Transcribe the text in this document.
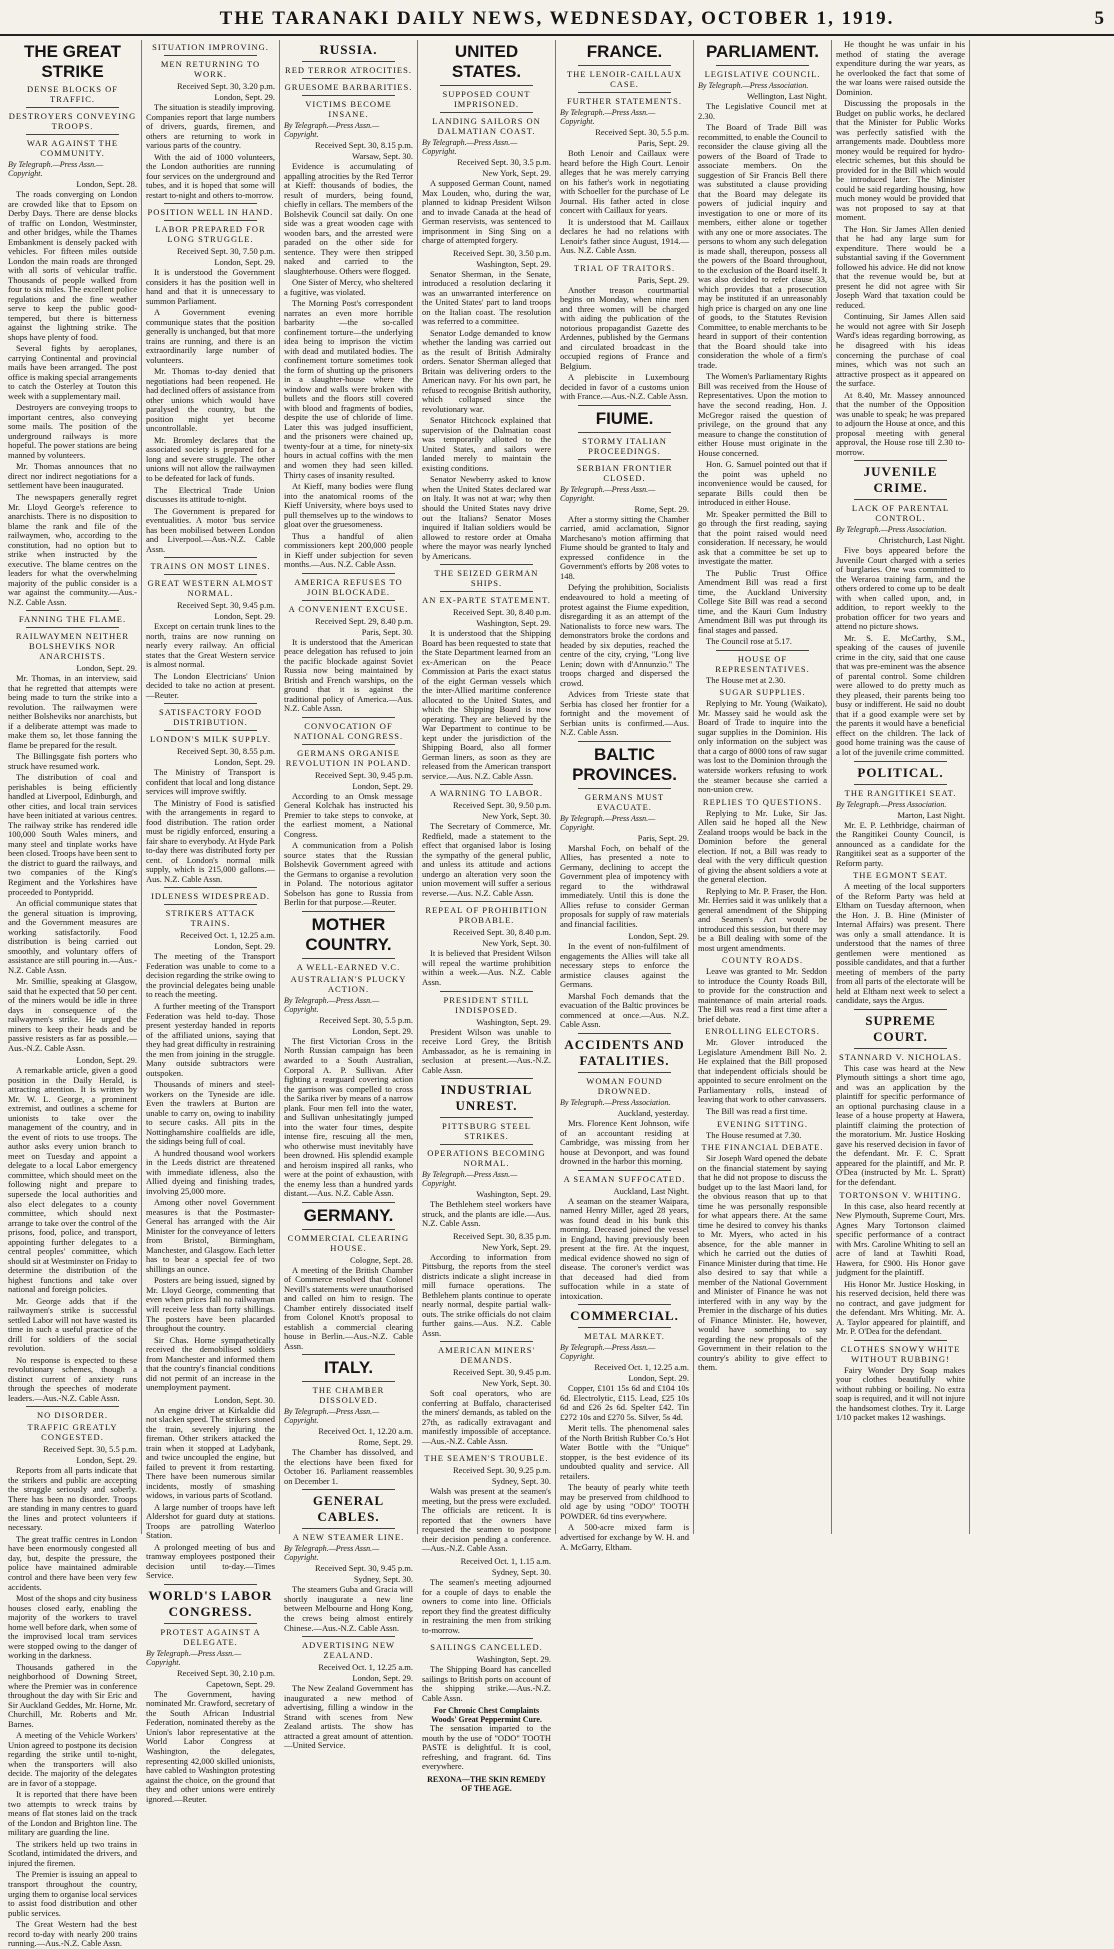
THE TARANAKI DAILY NEWS, WEDNESDAY, OCTOBER 1, 1919.	5
THE GREAT STRIKE
DENSE BLOCKS OF TRAFFIC.
DESTROYERS CONVEYING TROOPS.
WAR AGAINST THE COMMUNITY.
By Telegraph.—Press Assn.—Copyright.
London, Sept. 28.
The roads converging on London are crowded like that to Epsom on Derby Days. There are dense blocks of traffic on London, Westminster, and other bridges, while the Thames Embankment is densely packed with vehicles. For fifteen miles outside London the main roads are thronged with all sorts of vehicular traffic. Thousands of people walked from four to six miles. The excellent police regulations and the fine weather serve to keep the public good-tempered, but there is bitterness against the lightning strike. The shops have plenty of food.
Several fights by aeroplanes, carrying Continental and provincial mails have been arranged. The post office is making special arrangements to catch the Osterley at Touton this week with a supplementary mail.
Destroyers are conveying troops to important centres, also conveying some mails. The position of the underground railways is more hopeful. The power stations are being manned by volunteers.
Mr. Thomas announces that no direct nor indirect negotiations for a settlement have been inaugurated.
The newspapers generally regret Mr. Lloyd George's reference to anarchists. There is no disposition to blame the rank and file of the railwaymen, who, according to the constitution, had no option but to strike when instructed by the executive. The blame centres on the leaders for what the overwhelming majority of the public consider is a war against the community.—Aus.-N.Z. Cable Assn.
FANNING THE FLAME.
RAILWAYMEN NEITHER BOLSHEVIKS NOR ANARCHISTS.
London, Sept. 29.
Mr. Thomas, in an interview, said that he regretted that attempts were being made to turn the strike into a revolution. The railwaymen were neither Bolsheviks nor anarchists, but if a deliberate attempt was made to make them so, let those fanning the flame be prepared for the result.
The Billingsgate fish porters who struck have resumed work.
The distribution of coal and perishables is being efficiently handled at Liverpool, Edinburgh, and other cities, and local train services have been initiated at various centres. The railway strike has rendered idle 100,000 South Wales miners, and many steel and tinplate works have been closed. Troops have been sent to the district to guard the railways, and two companies of the King's Regiment and the Yorkshires have proceeded to Pontypridd.
An official communique states that the general situation is improving, and the Government measures are working satisfactorily. Food distribution is being carried out smoothly, and voluntary offers of assistance are still pouring in.—Aus.-N.Z. Cable Assn.
Mr. Smillie, speaking at Glasgow, said that he expected that 50 per cent. of the miners would be idle in three days in consequence of the railwaymen's strike. He urged the miners to keep their heads and be passive resisters as far as possible.—Aus.-N.Z. Cable Assn.
London, Sept. 29.
A remarkable article, given a good position in the Daily Herald, is attracting attention. It is written by Mr. W. L. George, a prominent extremist, and outlines a scheme for unionists to take over the management of the country, and in the event of riots to use troops. The author asks every union branch to meet on Tuesday and appoint a delegate to a local Labor emergency committee, which should meet on the following night and prepare to supersede the local authorities and also elect delegates to a county committee, which should next arrange to take over the control of the prisons, food, police, and transport, appointing further delegates to a central peoples' committee, which should sit at Westminster on Friday to determine the distribution of the highest functions and take over national and foreign policies.
Mr. George adds that if the railwaymen's strike is successful settled Labor will not have wasted its time in such a useful practice of the drill for soldiers of the social revolution.
No response is expected to these revolutionary schemes, though a distinct current of anxiety runs through the speeches of moderate leaders.—Aus.-N.Z. Cable Assn.
NO DISORDER.
TRAFFIC GREATLY CONGESTED.
Received Sept. 30, 5.5 p.m.
London, Sept. 29.
Reports from all parts indicate that the strikers and public are accepting the struggle seriously and soberly. There has been no disorder. Troops are standing in many centres to guard the lines and protect volunteers if necessary.
The great traffic centres in London have been enormously congested all day, but, despite the pressure, the police have maintained admirable control and there have been very few accidents.
Most of the shops and city business houses closed early, enabling the majority of the workers to travel home well before dark, when some of the improvised local tram services were stopped owing to the danger of working in the darkness.
Thousands gathered in the neighborhood of Downing Street, where the Premier was in conference throughout the day with Sir Eric and Sir Auckland Geddes, Mr. Horne, Mr. Churchill, Mr. Roberts and Mr. Barnes.
A meeting of the Vehicle Workers' Union agreed to postpone its decision regarding the strike until to-night, when the transporters will also decide. The majority of the delegates are in favor of a stoppage.
It is reported that there have been two attempts to wreck trains by means of flat stones laid on the track of the London and Brighton line. The military are guarding the line.
The strikers held up two trains in Scotland, intimidated the drivers, and injured the firemen.
The Premier is issuing an appeal to transport throughout the country, urging them to organise local services to assist food distribution and other public services.
The Great Western had the best record to-day with nearly 200 trains running.—Aus.-N.Z. Cable Assn.
SITUATION IMPROVING.
MEN RETURNING TO WORK.
Received Sept. 30, 3.20 p.m.
London, Sept. 29.
The situation is steadily improving. Companies report that large numbers of drivers, guards, firemen, and others are returning to work in various parts of the country.
With the aid of 1000 volunteers, the London authorities are running four services on the underground and tubes, and it is hoped that some will restart to-night and others to-morrow.
POSITION WELL IN HAND.
LABOR PREPARED FOR LONG STRUGGLE.
Received Sept. 30, 7.50 p.m.
London, Sept. 29.
It is understood the Government considers it has the position well in hand and that it is unnecessary to summon Parliament.
A Government evening communique states that the position generally is unchanged, but that more trains are running, and there is an extraordinarily large number of volunteers.
Mr. Thomas to-day denied that negotiations had been reopened. He had declined offers of assistance from other unions which would have paralysed the country, but the position might yet become uncontrollable.
Mr. Bromley declares that the associated society is prepared for a long and severe struggle. The other unions will not allow the railwaymen to be defeated for lack of funds.
The Electrical Trade Union discusses its attitude to-night.
The Government is prepared for eventualities. A motor 'bus service has been mobilised between London and Liverpool.—Aus.-N.Z. Cable Assn.
TRAINS ON MOST LINES.
GREAT WESTERN ALMOST NORMAL.
Received Sept. 30, 9.45 p.m.
London, Sept. 29.
Except on certain trunk lines to the north, trains are now running on nearly every railway. An official states that the Great Western service is almost normal.
The London Electricians' Union decided to take no action at present.—Reuter.
SATISFACTORY FOOD DISTRIBUTION.
LONDON'S MILK SUPPLY.
Received Sept. 30, 8.55 p.m.
London, Sept. 29.
The Ministry of Transport is confident that local and long distance services will improve swiftly.
The Ministry of Food is satisfied with the arrangements in regard to food distribution. The ration order must be rigidly enforced, ensuring a fair share to everybody. At Hyde Park to-day there was distributed forty per cent. of London's normal milk supply, which is 215,000 gallons.—Aus. N.Z. Cable Assn.
IDLENESS WIDESPREAD.
STRIKERS ATTACK TRAINS.
Received Oct. 1, 12.25 a.m.
London, Sept. 29.
The meeting of the Transport Federation was unable to come to a decision regarding the strike owing to the provincial delegates being unable to reach the meeting.
A further meeting of the Transport Federation was held to-day. Those present yesterday handed in reports of the affiliated unions, saying that they had great difficulty in restraining the men from joining in the struggle. Many outside subtractors were outspoken.
Thousands of miners and steel-workers on the Tyneside are idle. Even the trawlers at Burton are unable to carry on, owing to inability to secure casks. All pits in the Nottinghamshire coalfields are idle, the sidings being full of coal.
A hundred thousand wool workers in the Leeds district are threatened with immediate idleness, also the Allied dyeing and finishing trades, involving 25,000 more.
Among other novel Government measures is that the Postmaster-General has arranged with the Air Minister for the conveyance of letters from Bristol, Birmingham, Manchester, and Glasgow. Each letter has to bear a special fee of two shillings an ounce.
Posters are being issued, signed by Mr. Lloyd George, commenting that even when prices fall no railwayman will receive less than forty shillings. The posters have been placarded throughout the country.
Sir Chas. Horne sympathetically received the demobilised soldiers from Manchester and informed them that the country's financial conditions did not permit of an increase in the unemployment payment.
London, Sept. 30.
An engine driver at Kirkaldie did not slacken speed. The strikers stoned the train, severely injuring the fireman. Other strikers attacked the train when it stopped at Ladybank, and twice uncoupled the engine, but failed to prevent it from restarting. There have been numerous similar incidents, mostly of smashing widows, in various parts of Scotland.
A large number of troops have left Aldershot for guard duty at stations. Troops are patrolling Waterloo Station.
A prolonged meeting of bus and tramway employees postponed their decision until to-day.—Times Service.
WORLD'S LABOR CONGRESS.
PROTEST AGAINST A DELEGATE.
By Telegraph.—Press Assn.—Copyright.
Received Sept. 30, 2.10 p.m.
Capetown, Sept. 29.
The Government, having nominated Mr. Crawford, secretary of the South African Industrial Federation, nominated thereby as the Union's labor representative at the World Labor Congress at Washington, the delegates, representing 42,000 skilled unionists, have cabled to Washington protesting against the choice, on the ground that they and other unions were entirely ignored.—Reuter.
RUSSIA.
RED TERROR ATROCITIES.
GRUESOME BARBARITIES.
VICTIMS BECOME INSANE.
By Telegraph.—Press Assn.—Copyright.
Received Sept. 30, 8.15 p.m.
Warsaw, Sept. 30.
Evidence is accumulating of appalling atrocities by the Red Terror at Kieff: thousands of bodies, the result of murders, being found, chiefly in cellars. The members of the Bolshevik Council sat daily. On one side was a great wooden cage with wooden bars, and the arrested were paraded on the other side for sentence. They were then stripped naked and carried to the slaughterhouse. Others were flogged.
One Sister of Mercy, who sheltered a fugitive, was violated.
The Morning Post's correspondent narrates an even more horrible barbarity —the so-called confinement torture—the underlying idea being to imprison the victim with dead and mutilated bodies. The confinement torture sometimes took the form of shutting up the prisoners in a slaughter-house where the window and walls were broken with bullets and the floors still covered with blood and fragments of bodies, despite the use of chloride of lime. Later this was judged insufficient, and the prisoners were chained up, twenty-four at a time, for ninety-six hours in actual coffins with the men and women they had seen killed. Thirty cases of insanity resulted.
At Kieff, many bodies were flung into the anatomical rooms of the Kieff University, where boys used to pull themselves up to the windows to gloat over the gruesomeness.
Thus a handful of alien commissioners kept 200,000 people in Kieff under subjection for seven months.—Aus. N.Z. Cable Assn.
AMERICA REFUSES TO JOIN BLOCKADE.
A CONVENIENT EXCUSE.
Received Sept. 29, 8.40 p.m.
Paris, Sept. 30.
It is understood that the American peace delegation has refused to join the pacific blockade against Soviet Russia now being maintained by British and French warships, on the ground that it is against the traditional policy of America.—Aus. N.Z. Cable Assn.
CONVOCATION OF NATIONAL CONGRESS.
GERMANS ORGANISE REVOLUTION IN POLAND.
Received Sept. 30, 9.45 p.m.
London, Sept. 29.
According to an Omsk message General Kolchak has instructed his Premier to take steps to convoke, at the earliest moment, a National Congress.
A communication from a Polish source states that the Russian Bolshevik Government agreed with the Germans to organise a revolution in Poland. The notorious agitator Sobelson has gone to Russia from Berlin for that purpose.—Reuter.
MOTHER COUNTRY.
A WELL-EARNED V.C.
AUSTRALIAN'S PLUCKY ACTION.
By Telegraph.—Press Assn.—Copyright.
Received Sept. 30, 5.5 p.m.
London, Sept. 29.
The first Victorian Cross in the North Russian campaign has been awarded to a South Australian, Corporal A. P. Sullivan. After fighting a rearguard covering action the garrison was compelled to cross the Sarika river by means of a narrow plank. Four men fell into the water, and Sullivan unhesitatingly jumped into the water four times, despite intense fire, rescuing all the men, who otherwise must inevitably have been drowned. His splendid example and heroism inspired all ranks, who were at the point of exhaustion, with the enemy less than a hundred yards distant.—Aus. N.Z. Cable Assn.
GERMANY.
COMMERCIAL CLEARING HOUSE.
Cologne, Sept. 28.
A meeting of the British Chamber of Commerce resolved that Colonel Nevill's statements were unauthorised and called on him to resign. The Chamber entirely dissociated itself from Colonel Knott's proposal to establish a commercial clearing house in Berlin.—Aus.-N.Z. Cable Assn.
ITALY.
THE CHAMBER DISSOLVED.
By Telegraph.—Press Assn.—Copyright.
Received Oct. 1, 12.20 a.m.
Rome, Sept. 29.
The Chamber has dissolved, and the elections have been fixed for October 16. Parliament reassembles on December 1.
GENERAL CABLES.
A NEW STEAMER LINE.
By Telegraph.—Press Assn.—Copyright.
Received Sept. 30, 9.45 p.m.
Sydney, Sept. 30.
The steamers Guba and Gracia will shortly inaugurate a new line between Melbourne and Hong Kong, the crews being almost entirely Chinese.—Aus.-N.Z. Cable Assn.
ADVERTISING NEW ZEALAND.
Received Oct. 1, 12.25 a.m.
London, Sept. 29.
The New Zealand Government has inaugurated a new method of advertising, filling a window in the Strand with scenes from New Zealand artists. The show has attracted a great amount of attention.—United Service.
UNITED STATES.
SUPPOSED COUNT IMPRISONED.
LANDING SAILORS ON DALMATIAN COAST.
By Telegraph.—Press Assn.—Copyright.
Received Sept. 30, 3.5 p.m.
New York, Sept. 29.
A supposed German Count, named Max Louden, who, during the war, planned to kidnap President Wilson and to invade Canada at the head of German reservists, was sentenced to imprisonment in Sing Sing on a charge of attempted forgery.
Received Sept. 30, 3.50 p.m.
Washington, Sept. 29.
Senator Sherman, in the Senate, introduced a resolution declaring it was an unwarranted interference on the United States' part to land troops on the Italian coast. The resolution was referred to a committee.
Senator Lodge demanded to know whether the landing was carried out as the result of British Admiralty orders. Senator Sherman alleged that Britain was delivering orders to the American navy. For his own part, he refused to recognise British authority, which collapsed since the revolutionary war.
Senator Hitchcock explained that supervision of the Dalmatian coast was temporarily allotted to the United States, and sailors were landed merely to maintain the existing conditions.
Senator Newberry asked to know when the United States declared war on Italy. It was not at war; why then should the United States navy drive out the Italians? Senator Moses inquired if Italian soldiers would be allowed to restore order at Omaha where the mayor was nearly lynched by Americans.
THE SEIZED GERMAN SHIPS.
AN EX-PARTE STATEMENT.
Received Sept. 30, 8.40 p.m.
Washington, Sept. 29.
It is understood that the Shipping Board has been requested to state that the State Department learned from an ex-American on the Peace Commission at Paris the exact status of the eight German vessels which the inter-Allied maritime conference allocated to the United States, and which the Shipping Board is now operating. They are believed by the War Department to continue to be kept under the jurisdiction of the Shipping Board, also all former German liners, as soon as they are released from the American transport service.—Aus. N.Z. Cable Assn.
A WARNING TO LABOR.
Received Sept. 30, 9.50 p.m.
New York, Sept. 30.
The Secretary of Commerce, Mr. Redfield, made a statement to the effect that organised labor is losing the sympathy of the general public, and unless its attitude and actions undergo an alteration very soon the union movement will suffer a serious reverse.—Aus. N.Z. Cable Assn.
REPEAL OF PROHIBITION PROBABLE.
Received Sept. 30, 8.40 p.m.
New York, Sept. 30.
It is believed that President Wilson will repeal the wartime prohibition within a week.—Aus. N.Z. Cable Assn.
PRESIDENT STILL INDISPOSED.
Washington, Sept. 29.
President Wilson was unable to receive Lord Grey, the British Ambassador, as he is remaining in seclusion at present.—Aus.-N.Z. Cable Assn.
INDUSTRIAL UNREST.
PITTSBURG STEEL STRIKES.
OPERATIONS BECOMING NORMAL.
By Telegraph.—Press Assn.—Copyright.
Washington, Sept. 29.
The Bethlehem steel workers have struck, and the plants are idle.—Aus. N.Z. Cable Assn.
Received Sept. 30, 8.35 p.m.
New York, Sept. 29.
According to information from Pittsburg, the reports from the steel districts indicate a slight increase in mill furnace operations. The Bethlehem plants continue to operate nearly normal, despite partial walk-outs. The strike officials do not claim further gains.—Aus. N.Z. Cable Assn.
AMERICAN MINERS' DEMANDS.
Received Sept. 30, 9.45 p.m.
New York, Sept. 30.
Soft coal operators, who are conferring at Buffalo, characterised the miners' demands, as tabled on the 27th, as radically extravagant and manifestly impossible of acceptance.—Aus.-N.Z. Cable Assn.
THE SEAMEN'S TROUBLE.
Received Sept. 30, 9.25 p.m.
Sydney, Sept. 30.
Walsh was present at the seamen's meeting, but the press were excluded. The officials are reticent. It is reported that the owners have requested the seamen to postpone their decision pending a conference.—Aus.-N.Z. Cable Assn.
Received Oct. 1, 1.15 a.m.
Sydney, Sept. 30.
The seamen's meeting adjourned for a couple of days to enable the owners to come into line. Officials report they find the greatest difficulty in restraining the men from striking to-morrow.
SAILINGS CANCELLED.
Washington, Sept. 29.
The Shipping Board has cancelled sailings to British ports on account of the shipping strike.—Aus.-N.Z. Cable Assn.
For Chronic Chest Complaints Woods' Great Peppermint Cure.
The sensation imparted to the mouth by the use of "ODO" TOOTH PASTE is delightful. It is cool, refreshing, and fragrant. 6d. Tins everywhere.
REXONA—THE SKIN REMEDY OF THE AGE.
FRANCE.
THE LENOIR-CAILLAUX CASE.
FURTHER STATEMENTS.
By Telegraph.—Press Assn.—Copyright.
Received Sept. 30, 5.5 p.m.
Paris, Sept. 29.
Both Lenoir and Caillaux were heard before the High Court. Lenoir alleges that he was merely carrying on his father's work in negotiating with Schoeller for the purchase of Le Journal. His father acted in close concert with Caillaux for years.
It is understood that M. Caillaux declares he had no relations with Lenoir's father since August, 1914.—Aus. N.Z. Cable Assn.
TRIAL OF TRAITORS.
Paris, Sept. 29.
Another treason courtmartial begins on Monday, when nine men and three women will be charged with aiding the publication of the notorious propagandist Gazette des Ardennes, published by the Germans and circulated broadcast in the occupied regions of France and Belgium.
A plebiscite in Luxembourg decided in favor of a customs union with France.—Aus.-N.Z. Cable Assn.
FIUME.
STORMY ITALIAN PROCEEDINGS.
SERBIAN FRONTIER CLOSED.
By Telegraph.—Press Assn.—Copyright.
Rome, Sept. 29.
After a stormy sitting the Chamber carried, amid acclamation, Signor Marchesano's motion affirming that Fiume should be granted to Italy and expressed confidence in the Government's efforts by 208 votes to 148.
Defying the prohibition, Socialists endeavoured to hold a meeting of protest against the Fiume expedition, disregarding it as an attempt of the Nationalists to force new wars. The demonstrators broke the cordons and headed by six deputies, reached the centre of the city, crying, "Long live Lenin; down with d'Annunzio." The troops charged and dispersed the crowd.
Advices from Trieste state that Serbia has closed her frontier for a fortnight and the movement of Serbian units is confirmed.—Aus. N.Z. Cable Assn.
BALTIC PROVINCES.
GERMANS MUST EVACUATE.
By Telegraph.—Press Assn.—Copyright.
Paris, Sept. 29.
Marshal Foch, on behalf of the Allies, has presented a note to Germany, declining to accept the Government plea of impotency with regard to the withdrawal immediately. Until this is done the Allies refuse to consider German proposals for supply of raw materials and financial facilities.
London, Sept. 29.
In the event of non-fulfilment of engagements the Allies will take all necessary steps to enforce the armistice clauses against the Germans.
Marshal Foch demands that the evacuation of the Baltic provinces be commenced at once.—Aus. N.Z. Cable Assn.
ACCIDENTS AND FATALITIES.
WOMAN FOUND DROWNED.
By Telegraph.—Press Association.
Auckland, yesterday.
Mrs. Florence Kent Johnson, wife of an accountant residing at Cambridge, was missing from her house at Devonport, and was found drowned in the harbor this morning.
A SEAMAN SUFFOCATED.
Auckland, Last Night.
A seaman on the steamer Waipara, named Henry Miller, aged 28 years, was found dead in his bunk this morning. Deceased joined the vessel in England, having previously been present at the fire. At the inquest, medical evidence showed no sign of disease. The coroner's verdict was that deceased had died from suffocation while in a state of intoxication.
COMMERCIAL.
METAL MARKET.
By Telegraph.—Press Assn.—Copyright.
Received Oct. 1, 12.25 a.m.
London, Sept. 29.
Copper, £101 15s 6d and £104 10s 6d. Electrolytic, £115. Lead, £25 10s 6d and £26 2s 6d. Spelter £42. Tin £272 10s and £270 5s. Silver, 5s 4d.
Merit tells. The phenomenal sales of the North British Rubber Co.'s Hot Water Bottle with the "Unique" stopper, is the best evidence of its undoubted quality and service. All retailers.
The beauty of pearly white teeth may be preserved from childhood to old age by using "ODO" TOOTH POWDER. 6d tins everywhere.
A 500-acre mixed farm is advertised for exchange by W. H. and A. McGarry, Eltham.
PARLIAMENT.
LEGISLATIVE COUNCIL.
By Telegraph.—Press Association.
Wellington, Last Night.
The Legislative Council met at 2.30.
The Board of Trade Bill was recommitted, to enable the Council to reconsider the clause giving all the powers of the Board of Trade to associate members. On the suggestion of Sir Francis Bell there was substituted a clause providing that the Board may delegate its powers of judicial inquiry and investigation to one or more of its members, either alone or together with any one or more associates. The persons to whom any such delegation is made shall, thereupon, possess all the powers of the Board throughout, to the exclusion of the Board itself. It was also decided to refer clause 33, which provides that a prosecution may be instituted if an unreasonably high price is charged on any one line of goods, to the Statutes Revision Committee, to enable merchants to be heard in support of their contention that the Board should take into consideration the whole of a firm's trade.
The Women's Parliamentary Rights Bill was received from the House of Representatives. Upon the motion to have the second reading, Hon. J. McGregor raised the question of privilege, on the ground that any measure to change the constitution of either House must originate in the House concerned.
Hon. G. Samuel pointed out that if the point was upheld no inconvenience would be caused, for separate Bills could then be introduced in either House.
Mr. Speaker permitted the Bill to go through the first reading, saying that the point raised would need consideration. If necessary, he would ask that a committee be set up to investigate the matter.
The Public Trust Office Amendment Bill was read a first time, the Auckland University College Site Bill was read a second time, and the Kauri Gum Industry Amendment Bill was put through its final stages and passed.
The Council rose at 5.17.
HOUSE OF REPRESENTATIVES.
The House met at 2.30.
SUGAR SUPPLIES.
Replying to Mr. Young (Waikato), Mr. Massey said he would ask the Board of Trade to inquire into the sugar supplies in the Dominion. His only information on the subject was that a cargo of 8000 tons of raw sugar was lost to the Dominion through the waterside workers refusing to work the steamer because she carried a non-union crew.
REPLIES TO QUESTIONS.
Replying to Mr. Luke, Sir Jas. Allen said he hoped all the New Zealand troops would be back in the Dominion before the general election. If not, a Bill was ready to deal with the very difficult question of giving the absent soldiers a vote at the general election.
Replying to Mr. P. Fraser, the Hon. Mr. Herries said it was unlikely that a general amendment of the Shipping and Seamen's Act would be introduced this session, but there may be a Bill dealing with some of the most urgent amendments.
COUNTY ROADS.
Leave was granted to Mr. Seddon to introduce the County Roads Bill, to provide for the construction and maintenance of main arterial roads. The Bill was read a first time after a brief debate.
ENROLLING ELECTORS.
Mr. Glover introduced the Legislature Amendment Bill No. 2. He explained that the Bill proposed that independent officials should be appointed to secure enrolment on the Parliamentary rolls, instead of leaving that work to other canvassers.
The Bill was read a first time.
EVENING SITTING.
The House resumed at 7.30.
THE FINANCIAL DEBATE.
Sir Joseph Ward opened the debate on the financial statement by saying that he did not propose to discuss the budget up to the last Maori land, for the obvious reason that up to that time he was personally responsible for what appears there. At the same time he desired to convey his thanks to Mr. Myers, who acted in his absence, for the able manner in which he carried out the duties of Finance Minister during that time. He also desired to say that while a member of the National Government and Minister of Finance he was not interfered with in any way by the Premier in the discharge of his duties of Finance Minister. He, however, would have something to say regarding the new proposals of the Government in their relation to the country's ability to give effect to them.
He thought he was unfair in his method of stating the average expenditure during the war years, as he overlooked the fact that some of the war loans were raised outside the Dominion.
Discussing the proposals in the Budget on public works, he declared that the Minister for Public Works was perfectly satisfied with the arrangements made. Doubtless more money would be required for hydro-electric schemes, but this should be provided for in the Bill which would be introduced later. The Minister could be said regarding housing, how much money would be provided that was not proposed to say at that moment.
The Hon. Sir James Allen denied that he had any large sum for expenditure. There would be a substantial saving if the Government followed his advice. He did not know that the revenue would be, but at present he did not agree with Sir Joseph Ward that taxation could be reduced.
Continuing, Sir James Allen said he would not agree with Sir Joseph Ward's ideas regarding borrowing, as he disagreed with his ideas concerning the purchase of coal mines, which was not such an attractive prospect as it appeared on the surface.
At 8.40, Mr. Massey announced that the number of the Opposition was unable to speak; he was prepared to adjourn the House at once, and this proposal meeting with general approval, the House rose till 2.30 to-morrow.
JUVENILE CRIME.
LACK OF PARENTAL CONTROL.
By Telegraph.—Press Association.
Christchurch, Last Night.
Five boys appeared before the Juvenile Court charged with a series of burglaries. One was committed to the Weraroa training farm, and the others ordered to come up to be dealt with when called upon, and, in addition, to report weekly to the probation officer for two years and attend no picture shows.
Mr. S. E. McCarthy, S.M., speaking of the causes of juvenile crime in the city, said that one cause that was pre-eminent was the absence of parental control. Some children were allowed to do pretty much as they pleased, their parents being too busy or indifferent. He said no doubt that if a good example were set by the parents it would have a beneficial effect on the children. The lack of good home training was the cause of a lot of the juvenile crime committed.
POLITICAL.
THE RANGITIKEI SEAT.
By Telegraph.—Press Association.
Marton, Last Night.
Mr. E. P. Lethbridge, chairman of the Rangitikei County Council, is announced as a candidate for the Rangitikei seat as a supporter of the Reform party.
THE EGMONT SEAT.
A meeting of the local supporters of the Reform Party was held at Eltham on Tuesday afternoon, when the Hon. J. B. Hine (Minister of Internal Affairs) was present. There was only a small attendance. It is understood that the names of three gentlemen were mentioned as possible candidates, and that a further meeting of members of the party from all parts of the electorate will be held at Eltham next week to select a candidate, says the Argus.
SUPREME COURT.
STANNARD V. NICHOLAS.
This case was heard at the New Plymouth sittings a short time ago, and was an application by the plaintiff for specific performance of an optional purchasing clause in a lease of a house property at Hawera, plaintiff claiming the protection of the moratorium. Mr. Justice Hosking gave his reserved decision in favor of the defendant. Mr. F. C. Spratt appeared for the plaintiff, and Mr. P. O'Dea (instructed by Mr. L. Spratt) for the defendant.
TORTONSON V. WHITING.
In this case, also heard recently at New Plymouth, Supreme Court, Mrs. Agnes Mary Tortonson claimed specific performance of a contract with Mrs. Caroline Whiting to sell an acre of land at Tawhiti Road, Hawera, for £900. His Honor gave judgment for the plaintiff.
His Honor Mr. Justice Hosking, in his reserved decision, held there was no contract, and gave judgment for the defendant. Mrs Whiting. Mr. A. A. Taylor appeared for plaintiff, and Mr. P. O'Dea for the defendant.
CLOTHES SNOWY WHITE WITHOUT RUBBING!
Fairy Wonder Dry Soap makes your clothes beautifully white without rubbing or boiling. No extra soap is required, and it will not injure the handsomest clothes. Try it. Large 1/10 packet makes 12 washings.
